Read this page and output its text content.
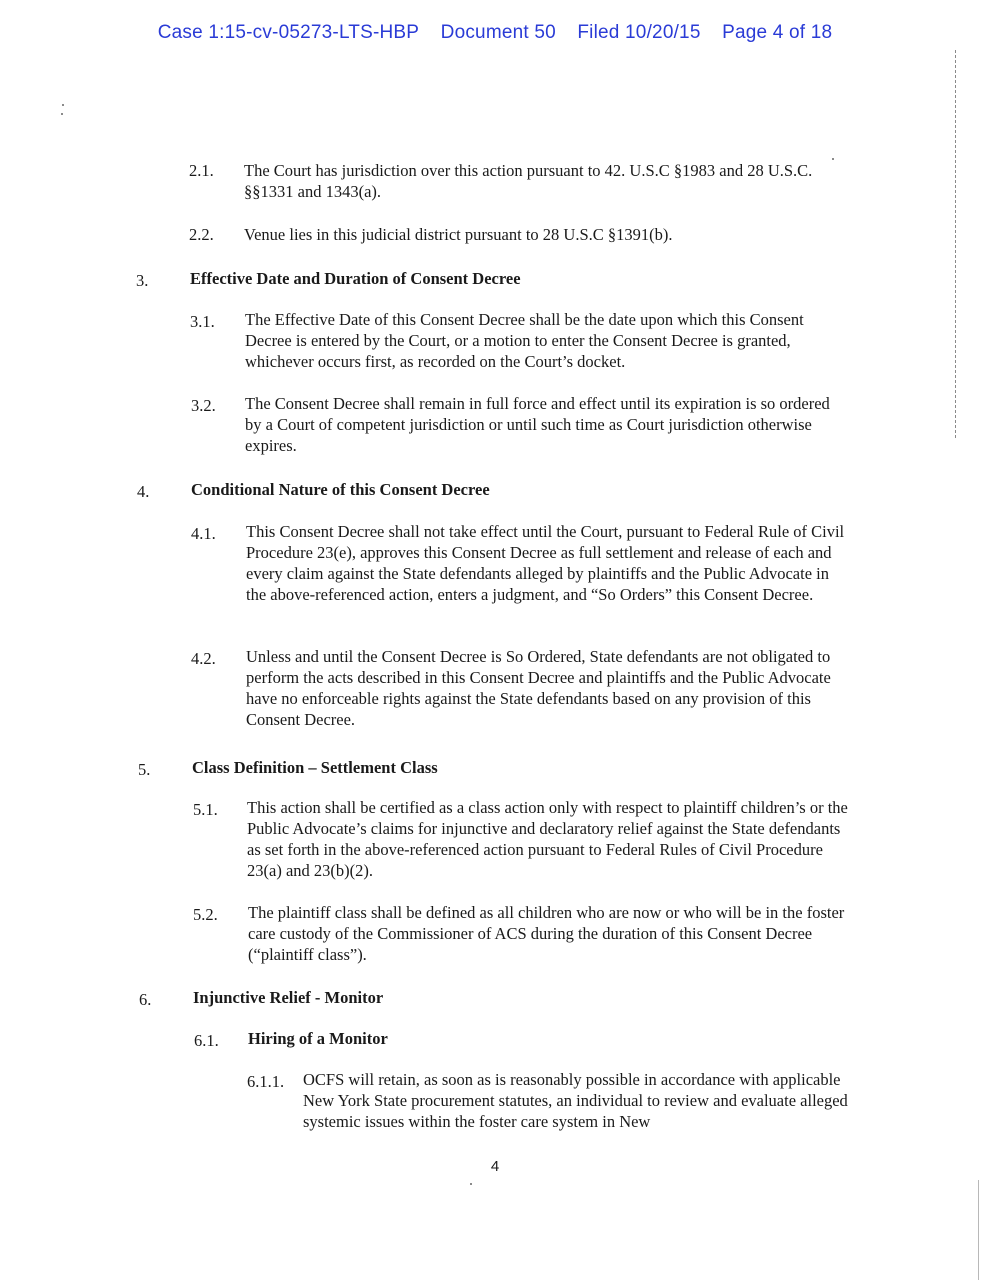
Case 1:15-cv-05273-LTS-HBP Document 50 Filed 10/20/15 Page 4 of 18
2.1. The Court has jurisdiction over this action pursuant to 42. U.S.C §1983 and 28 U.S.C. §§1331 and 1343(a).
2.2. Venue lies in this judicial district pursuant to 28 U.S.C §1391(b).
3.	Effective Date and Duration of Consent Decree
3.1. The Effective Date of this Consent Decree shall be the date upon which this Consent Decree is entered by the Court, or a motion to enter the Consent Decree is granted, whichever occurs first, as recorded on the Court’s docket.
3.2. The Consent Decree shall remain in full force and effect until its expiration is so ordered by a Court of competent jurisdiction or until such time as Court jurisdiction otherwise expires.
4.	Conditional Nature of this Consent Decree
4.1. This Consent Decree shall not take effect until the Court, pursuant to Federal Rule of Civil Procedure 23(e), approves this Consent Decree as full settlement and release of each and every claim against the State defendants alleged by plaintiffs and the Public Advocate in the above-referenced action, enters a judgment, and “So Orders” this Consent Decree.
4.2. Unless and until the Consent Decree is So Ordered, State defendants are not obligated to perform the acts described in this Consent Decree and plaintiffs and the Public Advocate have no enforceable rights against the State defendants based on any provision of this Consent Decree.
5.	Class Definition – Settlement Class
5.1. This action shall be certified as a class action only with respect to plaintiff children’s or the Public Advocate’s claims for injunctive and declaratory relief against the State defendants as set forth in the above-referenced action pursuant to Federal Rules of Civil Procedure 23(a) and 23(b)(2).
5.2. The plaintiff class shall be defined as all children who are now or who will be in the foster care custody of the Commissioner of ACS during the duration of this Consent Decree (“plaintiff class”).
6.	Injunctive Relief - Monitor
6.1. Hiring of a Monitor
6.1.1. OCFS will retain, as soon as is reasonably possible in accordance with applicable New York State procurement statutes, an individual to review and evaluate alleged systemic issues within the foster care system in New
4
